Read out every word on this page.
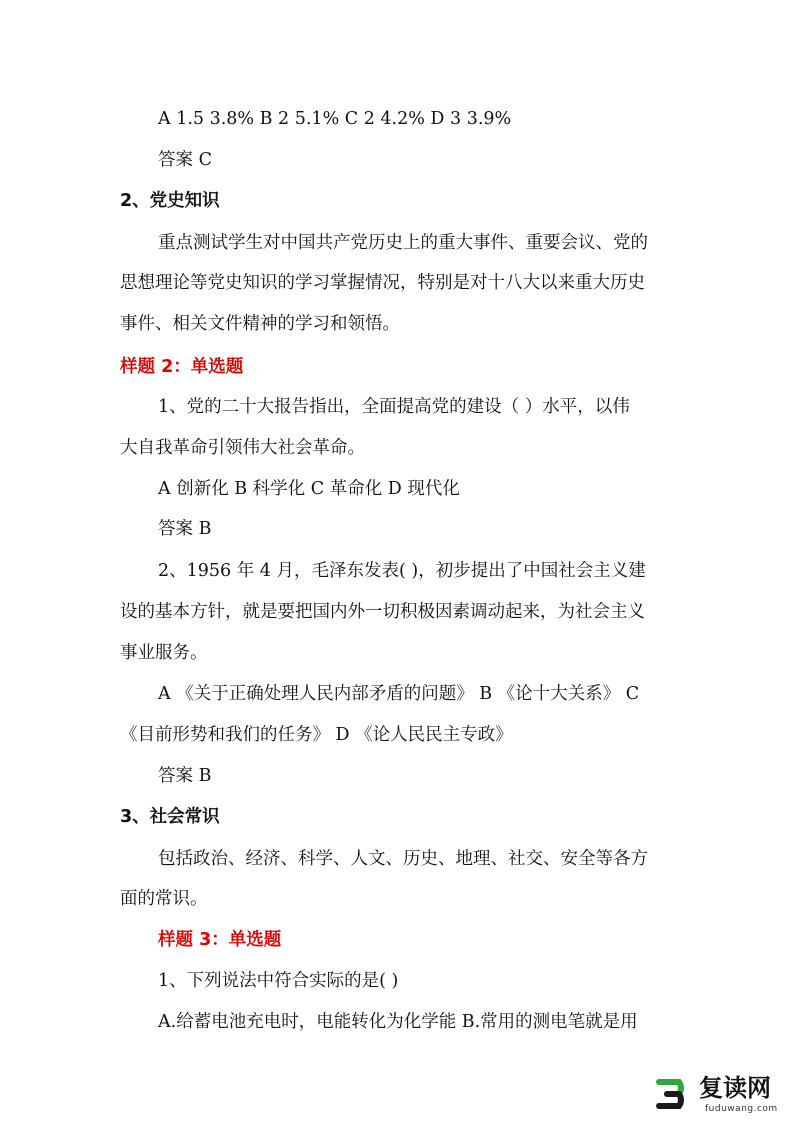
A 1.5 3.8% B 2 5.1% C 2 4.2% D 3 3.9%
答案 C
2、党史知识
重点测试学生对中国共产党历史上的重大事件、重要会议、党的
思想理论等党史知识的学习掌握情况，特别是对十八大以来重大历史
事件、相关文件精神的学习和领悟。
样题 2：单选题
1、党的二十大报告指出，全面提高党的建设（ ）水平，以伟
大自我革命引领伟大社会革命。
A 创新化 B 科学化 C 革命化 D 现代化
答案 B
2、1956 年 4 月，毛泽东发表( )，初步提出了中国社会主义建
设的基本方针，就是要把国内外一切积极因素调动起来，为社会主义
事业服务。
A 《关于正确处理人民内部矛盾的问题》 B 《论十大关系》 C
《目前形势和我们的任务》 D 《论人民民主专政》
答案 B
3、社会常识
包括政治、经济、科学、人文、历史、地理、社交、安全等各方
面的常识。
样题 3：单选题
1、下列说法中符合实际的是( )
A.给蓄电池充电时，电能转化为化学能 B.常用的测电笔就是用
复读网
fuduwang.com
